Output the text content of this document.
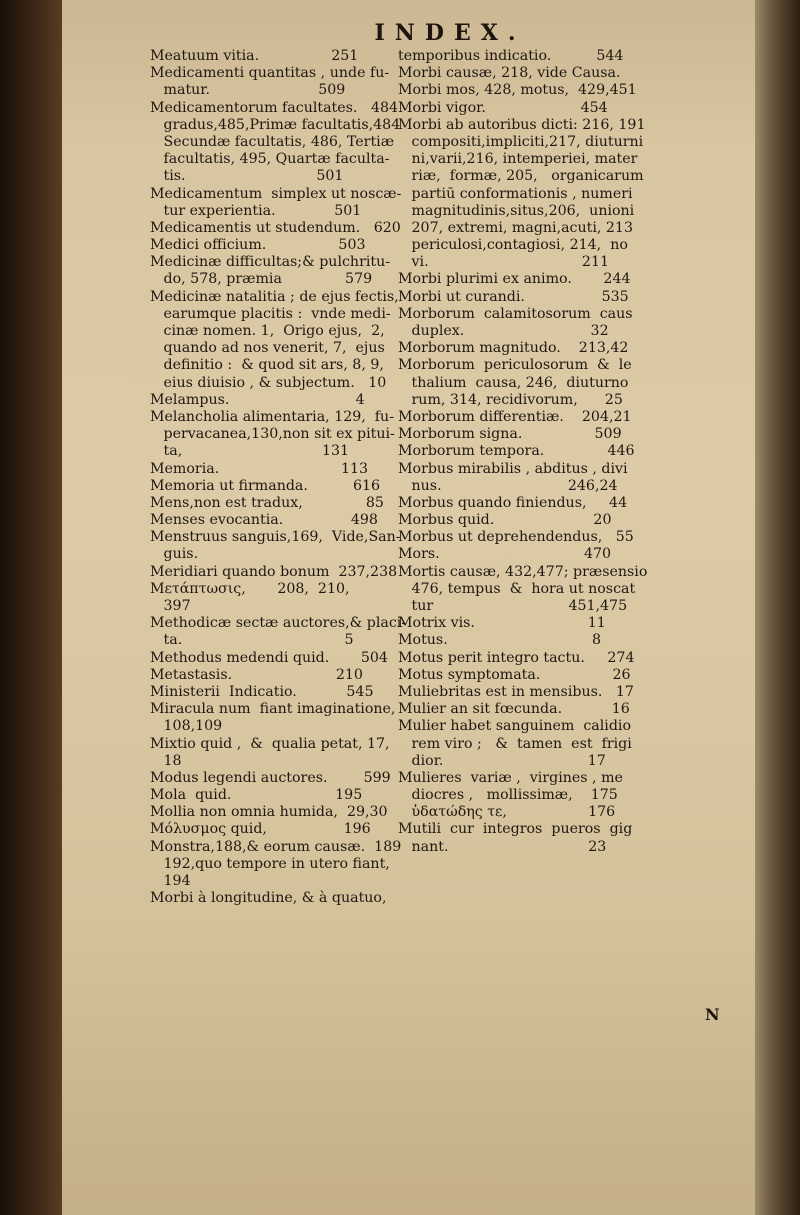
INDEX.
Meatuum vitia.                251
Medicamenti quantitas , unde fu-
matur.                        509
Medicamentorum facultates.   484
gradus,485,Primæ facultatis,484
Secundæ facultatis, 486, Tertiæ
facultatis, 495, Quartæ faculta-
tis.                             501
Medicamentum  simplex ut noscæ-
tur experientia.             501
Medicamentis ut studendum.   620
Medici officium.                503
Medicinæ difficultas;& pulchritu-
do, 578, præmia              579
Medicinæ natalitia ; de ejus fectis,
earumque placitis :  vnde medi-
cinæ nomen. 1,  Origo ejus,  2,
quando ad nos venerit, 7,  ejus
definitio :  & quod sit ars, 8, 9,
eius diuisio , & subjectum.   10
Melampus.                            4
Melancholia alimentaria, 129,  fu-
pervacanea,130,non sit ex pitui-
ta,                               131
Memoria.                           113
Memoria ut firmanda.          616
Mens,non est tradux,              85
Menses evocantia.               498
Menstruus sanguis,169,  Vide,San-
guis.
Meridiari quando bonum  237,238
Μετάπτωσις,       208,  210,
397
Methodicæ sectæ auctores,& placi-
ta.                                    5
Methodus medendi quid.       504
Metastasis.                       210
Ministerii  Indicatio.           545
Miracula num  fiant imaginatione,
108,109
Mixtio quid ,  &  qualia petat, 17,
18
Modus legendi auctores.        599
Mola  quid.                       195
Mollia non omnia humida,  29,30
Μόλυσμος quid,                 196
Monstra,188,& eorum causæ.  189
192,quo tempore in utero fiant,
194
Morbi à longitudine, & à quatuo,
temporibus indicatio.          544
Morbi causæ, 218, vide Causa.
Morbi mos, 428, motus,  429,451
Morbi vigor.                     454
Morbi ab autoribus dicti: 216, 191
compositi,impliciti,217, diuturni
ni,varii,216, intemperiei, mater
riæ,  formæ, 205,   organicarum
partiū conformationis , numeri
magnitudinis,situs,206,  unioni
207, extremi, magni,acuti, 213
periculosi,contagiosi, 214,  no
vi.                                  211
Morbi plurimi ex animo.       244
Morbi ut curandi.                 535
Morborum  calamitosorum  caus
duplex.                            32
Morborum magnitudo.    213,42
Morborum  periculosorum  &  le
thalium  causa, 246,  diuturno
rum, 314, recidivorum,      25
Morborum differentiæ.    204,21
Morborum signa.                509
Morborum tempora.              446
Morbus mirabilis , abditus , divi
nus.                            246,24
Morbus quando finiendus,     44
Morbus quid.                      20
Morbus ut deprehendendus,   55
Mors.                                470
Mortis causæ, 432,477; præsensio
476, tempus  &  hora ut noscat
tur                              451,475
Motrix vis.                         11
Motus.                                8
Motus perit integro tactu.     274
Motus symptomata.                26
Muliebritas est in mensibus.   17
Mulier an sit fœcunda.           16
Mulier habet sanguinem  calidio
rem viro ;   &  tamen  est  frigi
dior.                                17
Mulieres  variæ ,  virgines , me
diocres ,   mollissimæ,    175
ὑδατώδης τε,                  176
Mutili  cur  integros  pueros  gig
nant.                               23
N
